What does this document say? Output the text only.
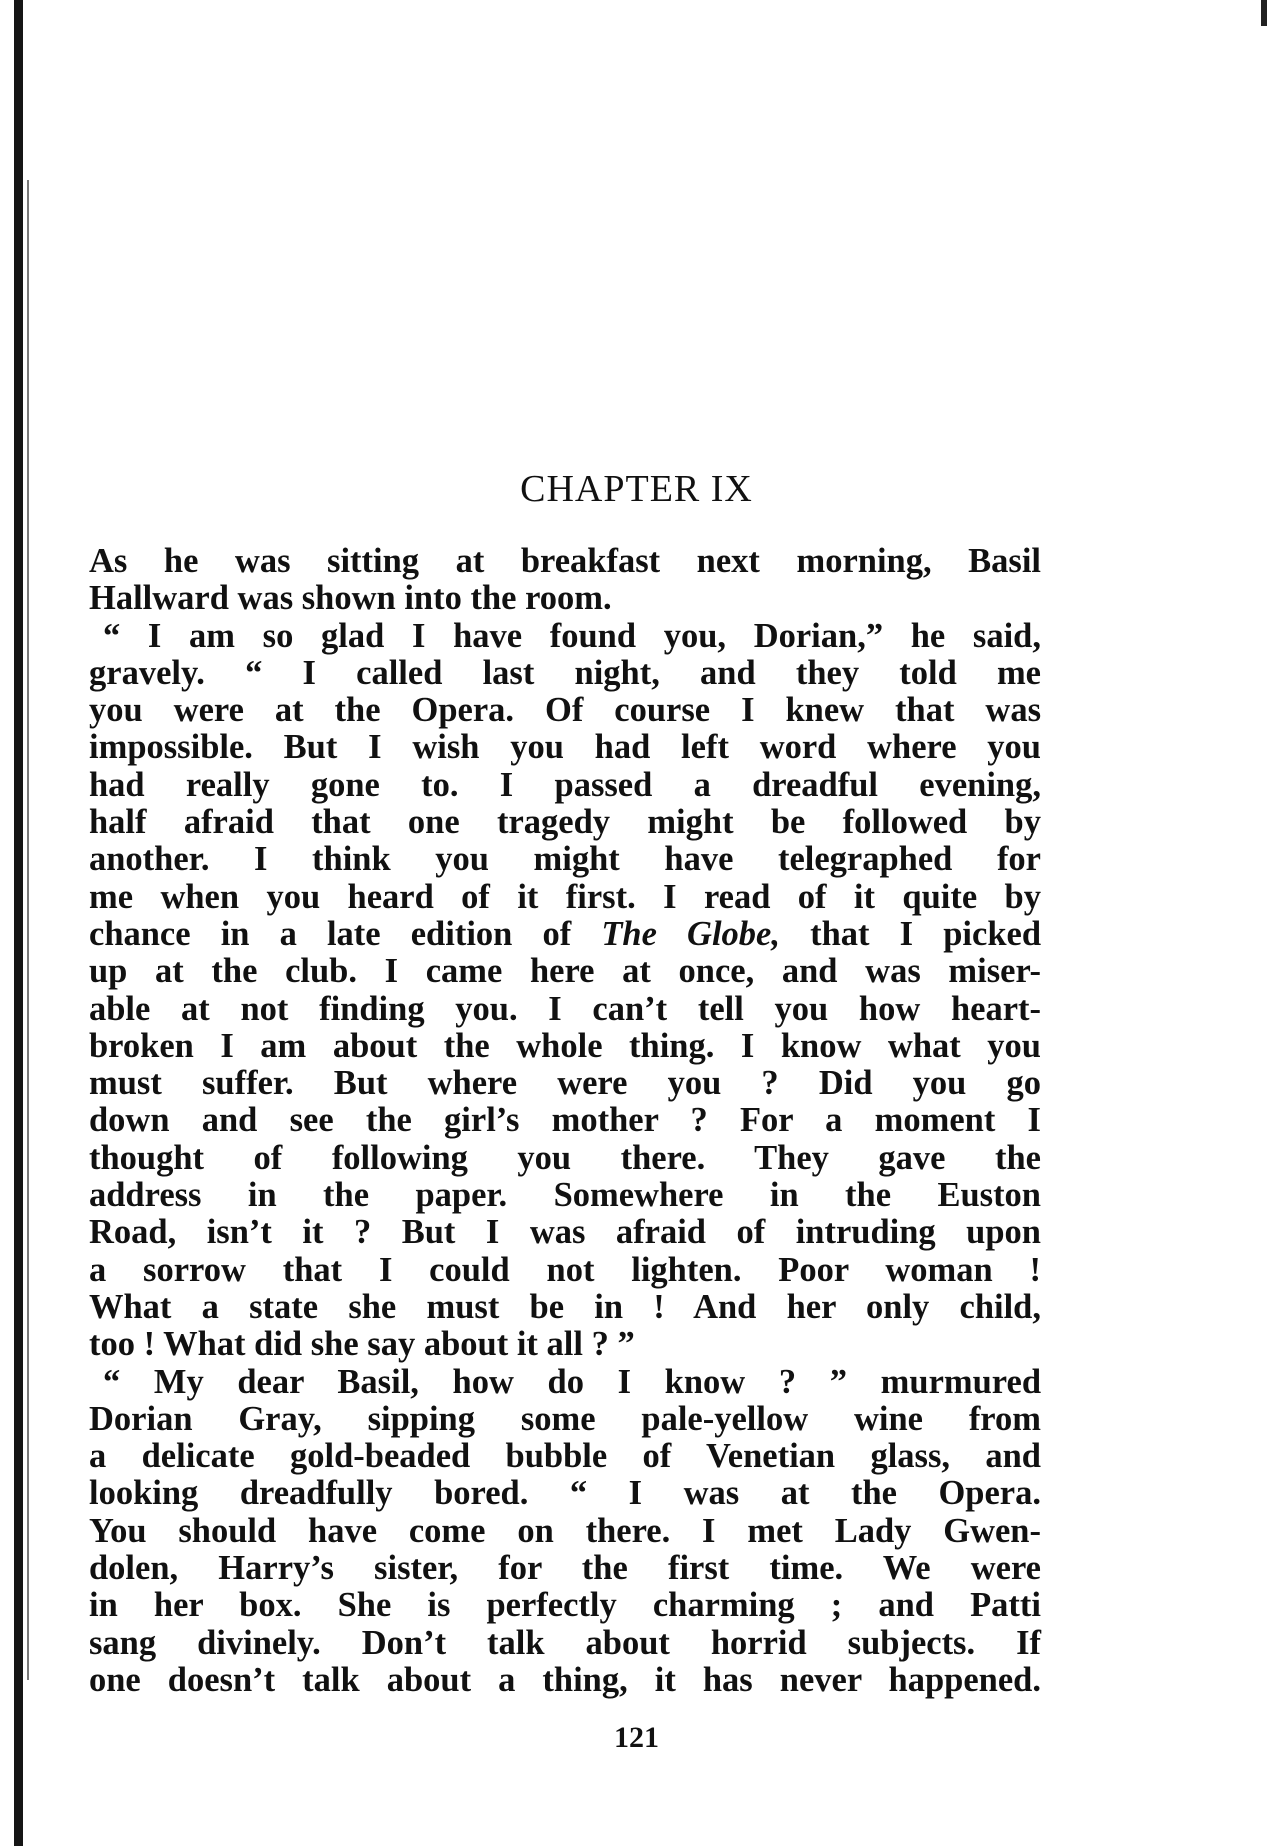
CHAPTER IX
As he was sitting at breakfast next morning, Basil
Hallward was shown into the room.
“ I am so glad I have found you, Dorian,” he said,
gravely. “ I called last night, and they told me
you were at the Opera. Of course I knew that was
impossible. But I wish you had left word where you
had really gone to. I passed a dreadful evening,
half afraid that one tragedy might be followed by
another. I think you might have telegraphed for
me when you heard of it first. I read of it quite by
chance in a late edition of The Globe, that I picked
up at the club. I came here at once, and was miser-
able at not finding you. I can’t tell you how heart-
broken I am about the whole thing. I know what you
must suffer. But where were you ? Did you go
down and see the girl’s mother ? For a moment I
thought of following you there. They gave the
address in the paper. Somewhere in the Euston
Road, isn’t it ? But I was afraid of intruding upon
a sorrow that I could not lighten. Poor woman !
What a state she must be in ! And her only child,
too ! What did she say about it all ? ”
“ My dear Basil, how do I know ? ” murmured
Dorian Gray, sipping some pale-yellow wine from
a delicate gold-beaded bubble of Venetian glass, and
looking dreadfully bored. “ I was at the Opera.
You should have come on there. I met Lady Gwen-
dolen, Harry’s sister, for the first time. We were
in her box. She is perfectly charming ; and Patti
sang divinely. Don’t talk about horrid subjects. If
one doesn’t talk about a thing, it has never happened.
121
